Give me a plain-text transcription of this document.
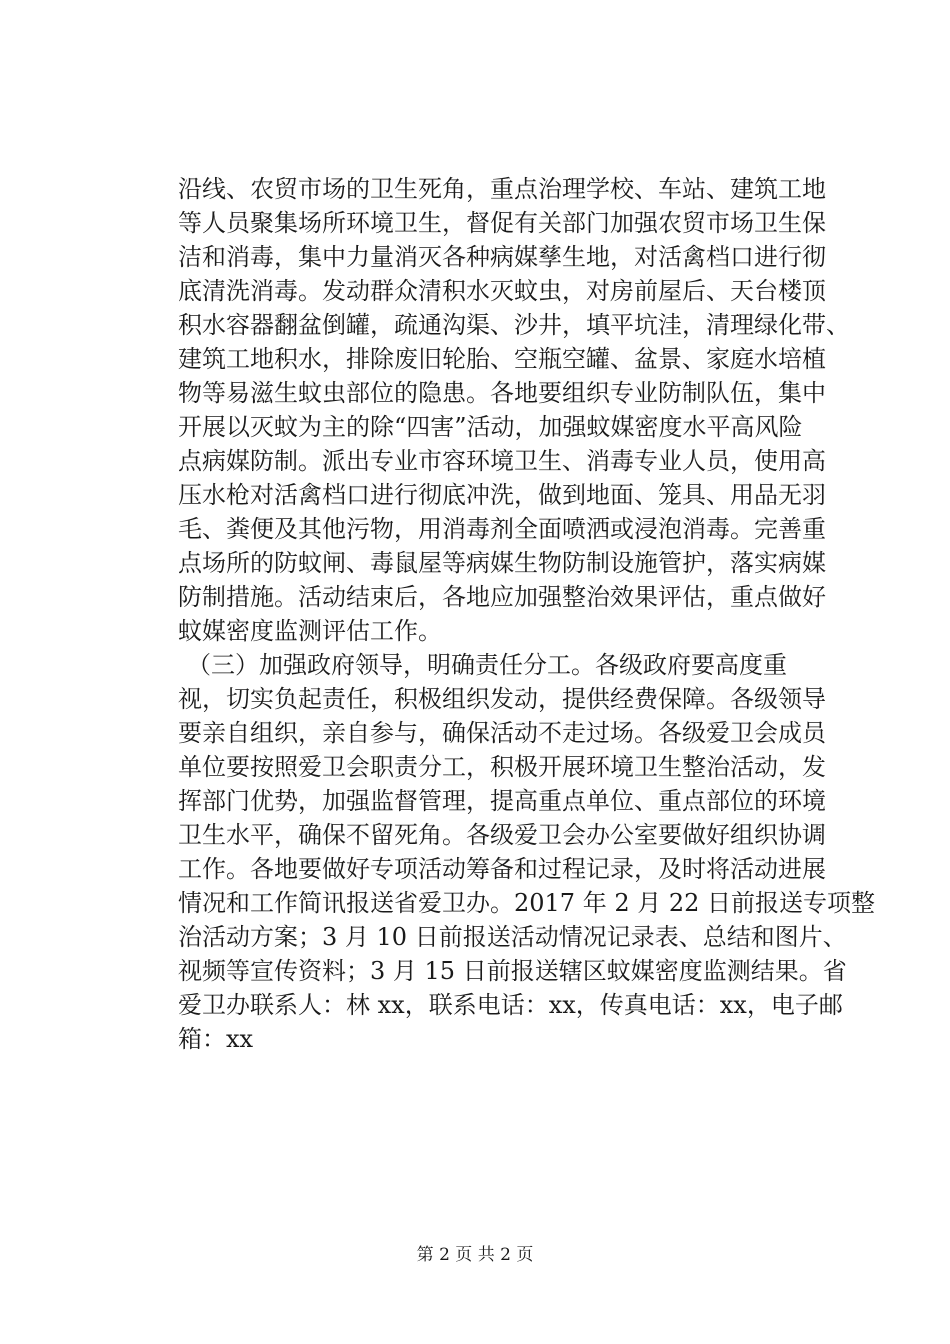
沿线、农贸市场的卫生死角，重点治理学校、车站、建筑工地
等人员聚集场所环境卫生，督促有关部门加强农贸市场卫生保
洁和消毒，集中力量消灭各种病媒孳生地，对活禽档口进行彻
底清洗消毒。发动群众清积水灭蚊虫，对房前屋后、天台楼顶
积水容器翻盆倒罐，疏通沟渠、沙井，填平坑洼，清理绿化带、
建筑工地积水，排除废旧轮胎、空瓶空罐、盆景、家庭水培植
物等易滋生蚊虫部位的隐患。各地要组织专业防制队伍，集中
开展以灭蚊为主的除“四害”活动，加强蚊媒密度水平高风险
点病媒防制。派出专业市容环境卫生、消毒专业人员，使用高
压水枪对活禽档口进行彻底冲洗，做到地面、笼具、用品无羽
毛、粪便及其他污物，用消毒剂全面喷洒或浸泡消毒。完善重
点场所的防蚊闸、毒鼠屋等病媒生物防制设施管护，落实病媒
防制措施。活动结束后，各地应加强整治效果评估，重点做好
蚊媒密度监测评估工作。
（三）加强政府领导，明确责任分工。各级政府要高度重
视，切实负起责任，积极组织发动，提供经费保障。各级领导
要亲自组织，亲自参与，确保活动不走过场。各级爱卫会成员
单位要按照爱卫会职责分工，积极开展环境卫生整治活动，发
挥部门优势，加强监督管理，提高重点单位、重点部位的环境
卫生水平，确保不留死角。各级爱卫会办公室要做好组织协调
工作。各地要做好专项活动筹备和过程记录，及时将活动进展
情况和工作简讯报送省爱卫办。2017 年 2 月 22 日前报送专项整
治活动方案；3 月 10 日前报送活动情况记录表、总结和图片、
视频等宣传资料；3 月 15 日前报送辖区蚊媒密度监测结果。省
爱卫办联系人：林 xx，联系电话：xx，传真电话：xx，电子邮
箱：xx
第 2 页 共 2 页
